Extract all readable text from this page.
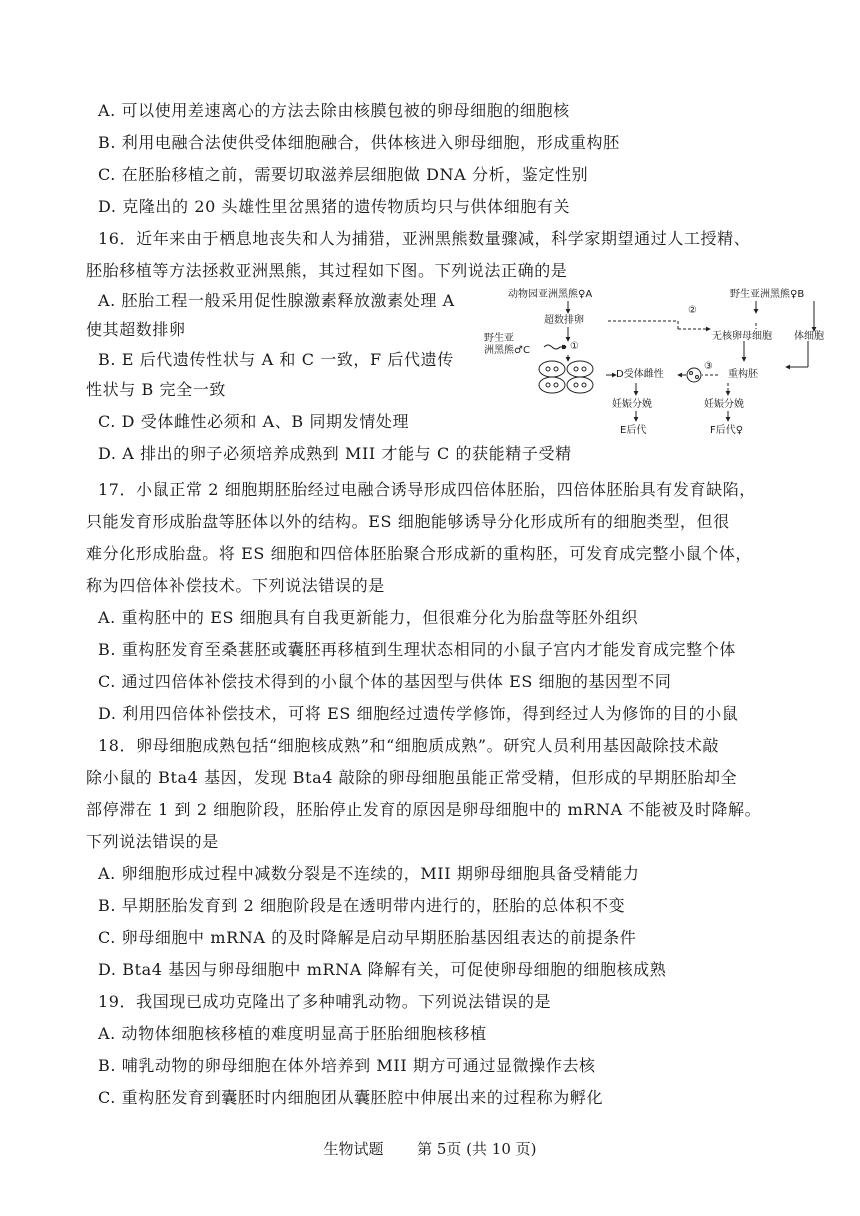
A. 可以使用差速离心的方法去除由核膜包被的卵母细胞的细胞核
B. 利用电融合法使供受体细胞融合，供体核进入卵母细胞，形成重构胚
C. 在胚胎移植之前，需要切取滋养层细胞做 DNA 分析，鉴定性别
D. 克隆出的 20 头雄性里岔黑猪的遗传物质均只与供体细胞有关
16．近年来由于栖息地丧失和人为捕猎，亚洲黑熊数量骤减，科学家期望通过人工授精、
胚胎移植等方法拯救亚洲黑熊，其过程如下图。下列说法正确的是
A. 胚胎工程一般采用促性腺激素释放激素处理 A
使其超数排卵
B. E 后代遗传性状与 A 和 C 一致，F 后代遗传
性状与 B 完全一致
C. D 受体雌性必须和 A、B 同期发情处理
D. A 排出的卵子必须培养成熟到 MII 才能与 C 的获能精子受精
17．小鼠正常 2 细胞期胚胎经过电融合诱导形成四倍体胚胎，四倍体胚胎具有发育缺陷，
只能发育形成胎盘等胚体以外的结构。ES 细胞能够诱导分化形成所有的细胞类型，但很
难分化形成胎盘。将 ES 细胞和四倍体胚胎聚合形成新的重构胚，可发育成完整小鼠个体，
称为四倍体补偿技术。下列说法错误的是
A. 重构胚中的 ES 细胞具有自我更新能力，但很难分化为胎盘等胚外组织
B. 重构胚发育至桑葚胚或囊胚再移植到生理状态相同的小鼠子宫内才能发育成完整个体
C. 通过四倍体补偿技术得到的小鼠个体的基因型与供体 ES 细胞的基因型不同
D. 利用四倍体补偿技术，可将 ES 细胞经过遗传学修饰，得到经过人为修饰的目的小鼠
18．卵母细胞成熟包括“细胞核成熟”和“细胞质成熟”。研究人员利用基因敲除技术敲
除小鼠的 Bta4 基因，发现 Bta4 敲除的卵母细胞虽能正常受精，但形成的早期胚胎却全
部停滞在 1 到 2 细胞阶段，胚胎停止发育的原因是卵母细胞中的 mRNA 不能被及时降解。
下列说法错误的是
A. 卵细胞形成过程中减数分裂是不连续的，MII 期卵母细胞具备受精能力
B. 早期胚胎发育到 2 细胞阶段是在透明带内进行的，胚胎的总体积不变
C. 卵母细胞中 mRNA 的及时降解是启动早期胚胎基因组表达的前提条件
D. Bta4 基因与卵母细胞中 mRNA 降解有关，可促使卵母细胞的细胞核成熟
19．我国现已成功克隆出了多种哺乳动物。下列说法错误的是
A. 动物体细胞核移植的难度明显高于胚胎细胞核移植
B. 哺乳动物的卵母细胞在体外培养到 MII 期方可通过显微操作去核
C. 重构胚发育到囊胚时内细胞团从囊胚腔中伸展出来的过程称为孵化
动物园亚洲黑熊♀A	野生亚洲黑熊♀B
超数排卵
②
野生亚
洲黑熊♂C	①
无核卵母细胞 体细胞
③
D受体雌性	重构胚
妊娠分娩	妊娠分娩
E后代	F后代♀
生物试题 第 5页 (共 10 页)
